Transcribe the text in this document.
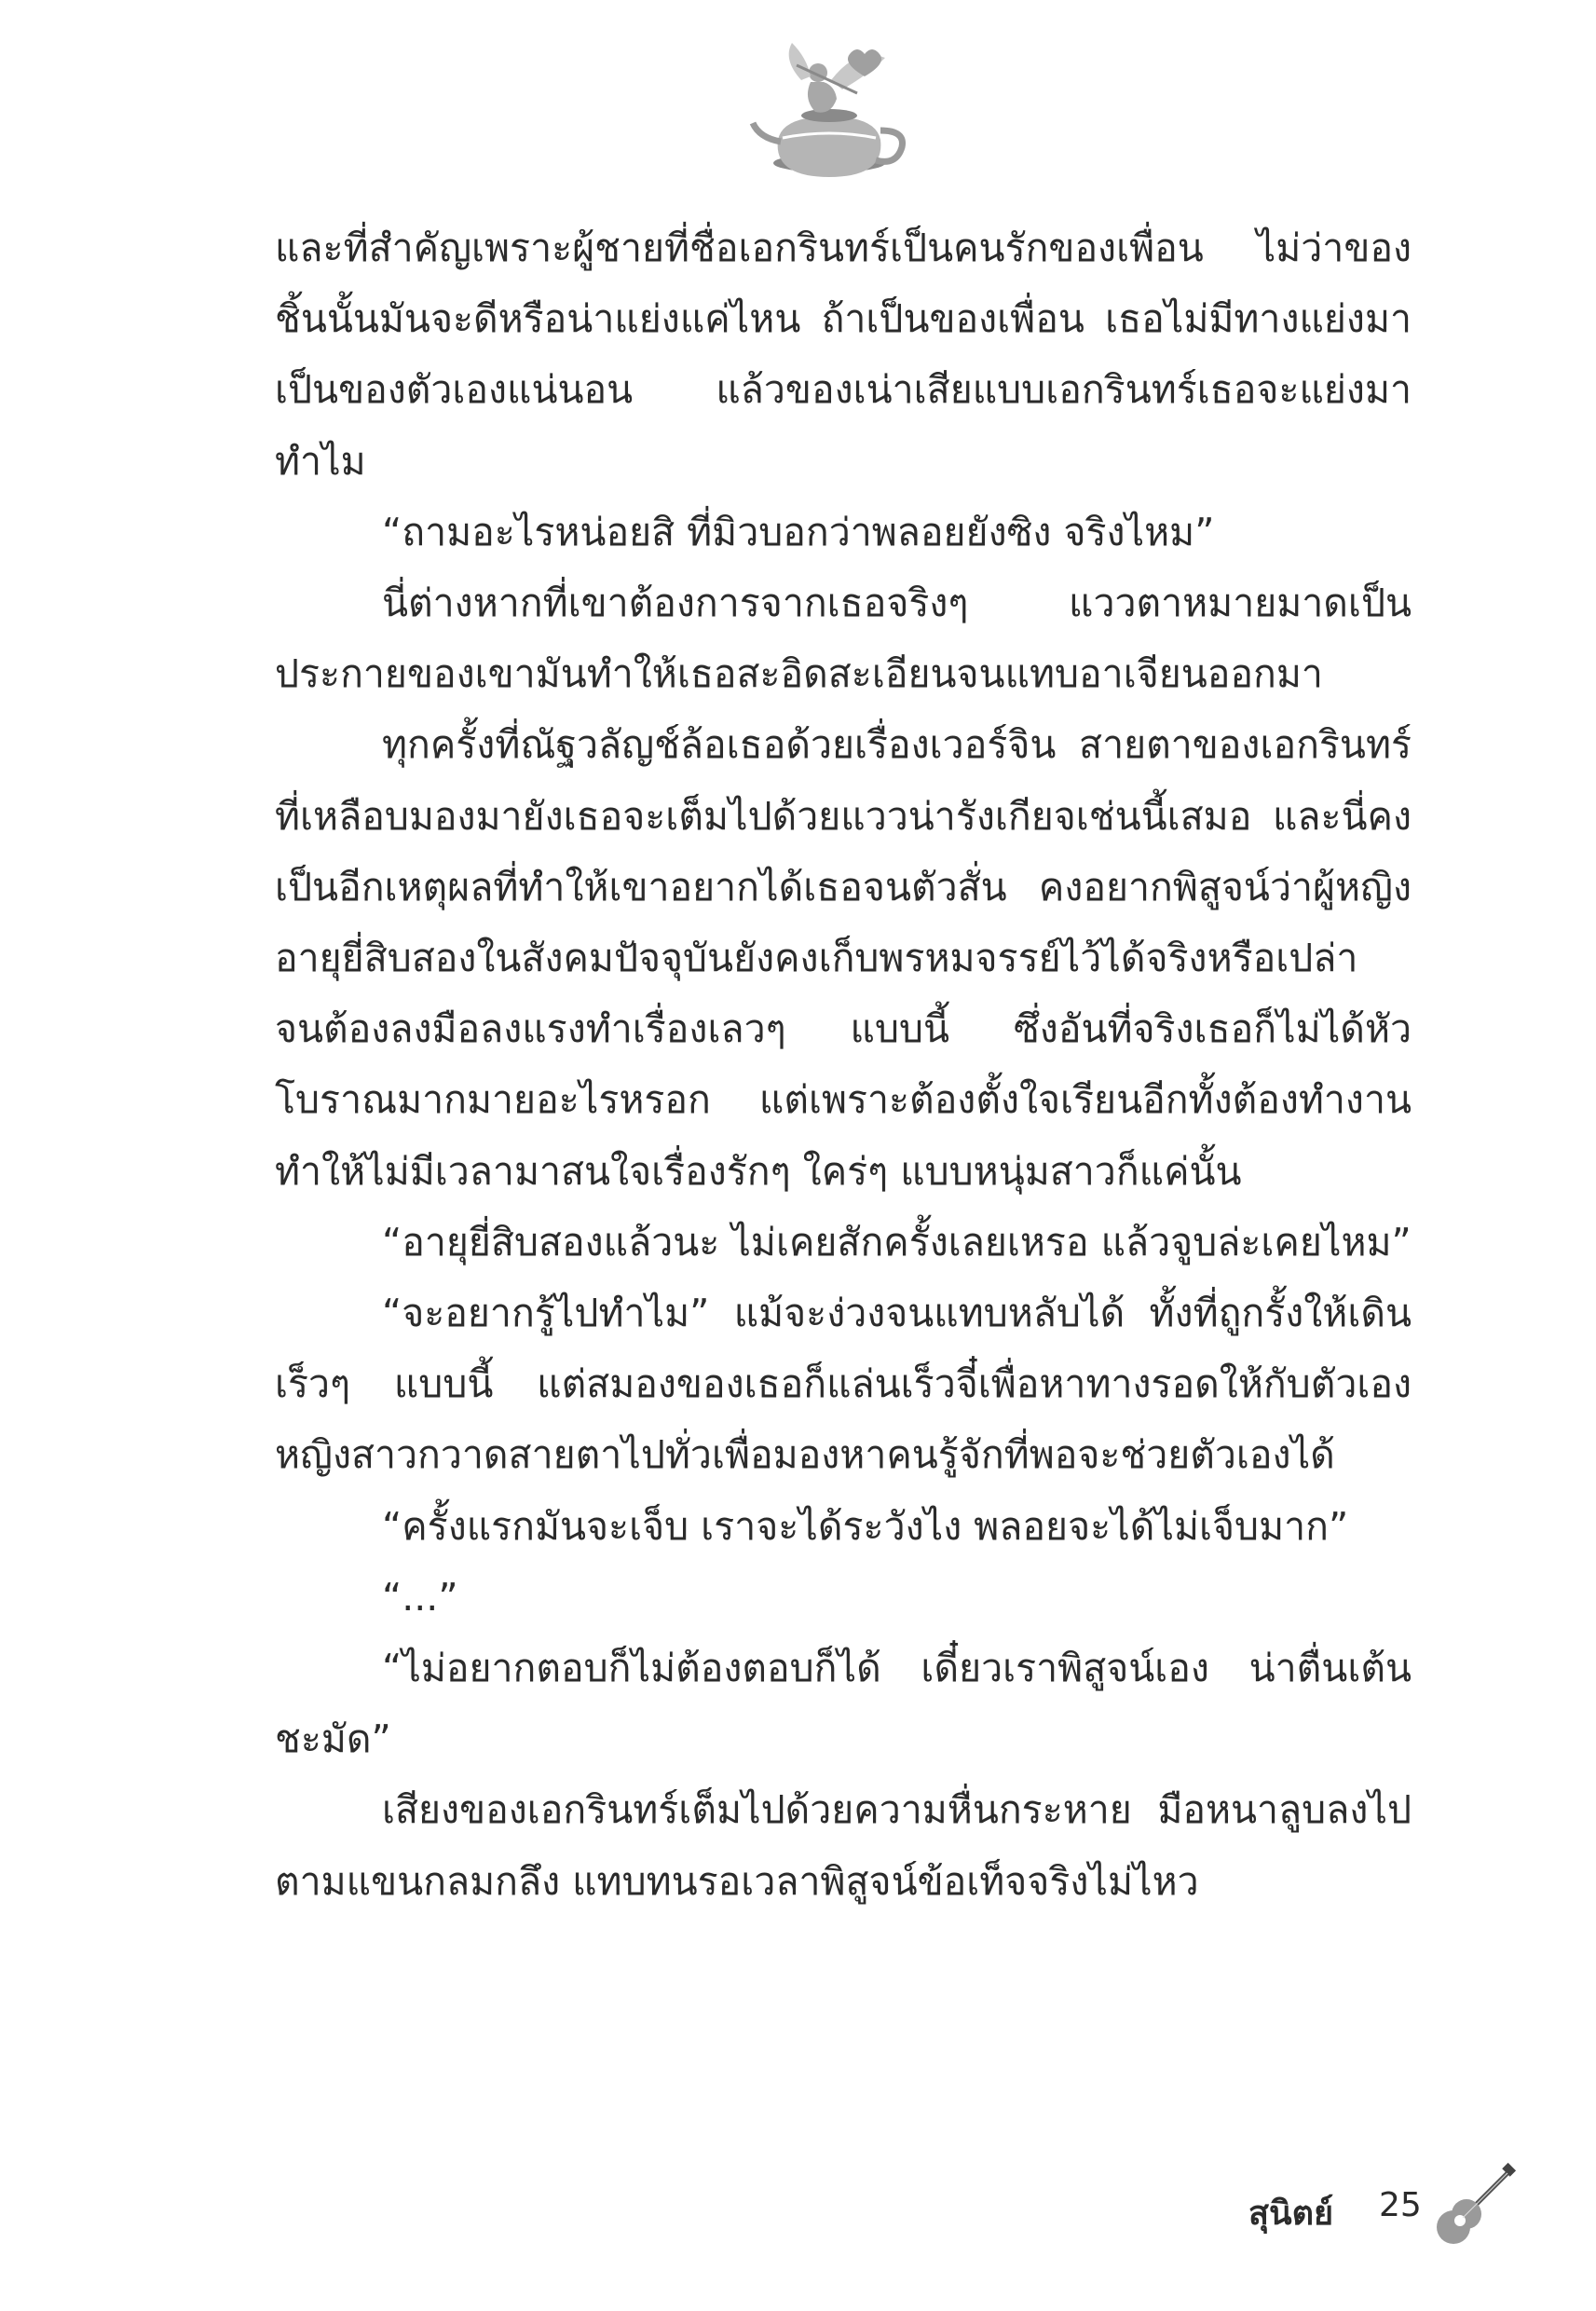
และที่สำคัญเพราะผู้ชายที่ชื่อเอกรินทร์เป็นคนรักของเพื่อน ไม่ว่าของชิ้นนั้นมันจะดีหรือน่าแย่งแค่ไหน ถ้าเป็นของเพื่อน เธอไม่มีทางแย่งมาเป็นของตัวเองแน่นอน แล้วของเน่าเสียแบบเอกรินทร์เธอจะแย่งมาทำไม

“ถามอะไรหน่อยสิ ที่มิวบอกว่าพลอยยังซิง จริงไหม”

นี่ต่างหากที่เขาต้องการจากเธอจริงๆ แววตาหมายมาดเป็นประกายของเขามันทำให้เธอสะอิดสะเอียนจนแทบอาเจียนออกมา

ทุกครั้งที่ณัฐวลัญช์ล้อเธอด้วยเรื่องเวอร์จิน สายตาของเอกรินทร์ที่เหลือบมองมายังเธอจะเต็มไปด้วยแววน่ารังเกียจเช่นนี้เสมอ และนี่คงเป็นอีกเหตุผลที่ทำให้เขาอยากได้เธอจนตัวสั่น คงอยากพิสูจน์ว่าผู้หญิงอายุยี่สิบสองในสังคมปัจจุบันยังคงเก็บพรหมจรรย์ไว้ได้จริงหรือเปล่า จนต้องลงมือลงแรงทำเรื่องเลวๆ แบบนี้ ซึ่งอันที่จริงเธอก็ไม่ได้หัวโบราณมากมายอะไรหรอก แต่เพราะต้องตั้งใจเรียนอีกทั้งต้องทำงาน ทำให้ไม่มีเวลามาสนใจเรื่องรักๆ ใคร่ๆ แบบหนุ่มสาวก็แค่นั้น

“อายุยี่สิบสองแล้วนะ ไม่เคยสักครั้งเลยเหรอ แล้วจูบล่ะเคยไหม”

“จะอยากรู้ไปทำไม” แม้จะง่วงจนแทบหลับได้ ทั้งที่ถูกรั้งให้เดินเร็วๆ แบบนี้ แต่สมองของเธอก็แล่นเร็วจี๋เพื่อหาทางรอดให้กับตัวเอง หญิงสาวกวาดสายตาไปทั่วเพื่อมองหาคนรู้จักที่พอจะช่วยตัวเองได้

“ครั้งแรกมันจะเจ็บ เราจะได้ระวังไง พลอยจะได้ไม่เจ็บมาก”

“...”

“ไม่อยากตอบก็ไม่ต้องตอบก็ได้ เดี๋ยวเราพิสูจน์เอง น่าตื่นเต้นชะมัด”

เสียงของเอกรินทร์เต็มไปด้วยความหื่นกระหาย มือหนาลูบลงไปตามแขนกลมกลึง แทบทนรอเวลาพิสูจน์ข้อเท็จจริงไม่ไหว

สุนิตย์ 25
